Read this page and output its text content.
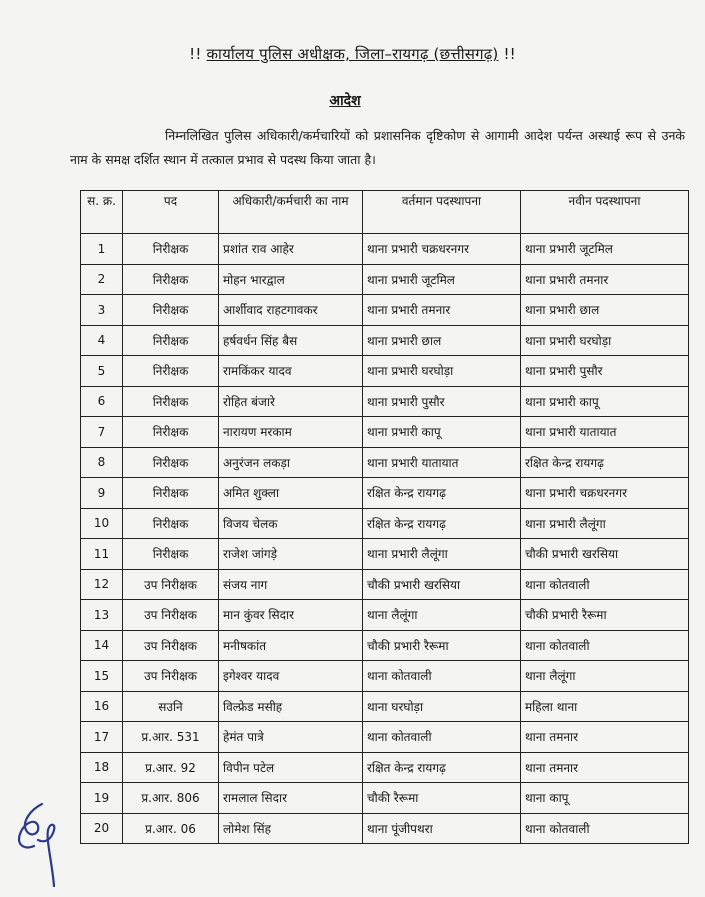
!! कार्यालय पुलिस अधीक्षक, जिला–रायगढ़ (छत्तीसगढ़) !!
आदेश
निम्नलिखित पुलिस अधिकारी/कर्मचारियों को प्रशासनिक दृष्टिकोण से आगामी आदेश पर्यन्त अस्थाई रूप से उनके नाम के समक्ष दर्शित स्थान में तत्काल प्रभाव से पदस्थ किया जाता है।
स. क्र.	पद	अधिकारी/कर्मचारी का नाम	वर्तमान पदस्थापना	नवीन पदस्थापना
1	निरीक्षक	प्रशांत राव आहेर	थाना प्रभारी चक्रधरनगर	थाना प्रभारी जूटमिल
2	निरीक्षक	मोहन भारद्वाल	थाना प्रभारी जूटमिल	थाना प्रभारी तमनार
3	निरीक्षक	आर्शीवाद राहटगावकर	थाना प्रभारी तमनार	थाना प्रभारी छाल
4	निरीक्षक	हर्षवर्धन सिंह बैस	थाना प्रभारी छाल	थाना प्रभारी घरघोड़ा
5	निरीक्षक	रामकिंकर यादव	थाना प्रभारी घरघोड़ा	थाना प्रभारी पुसौर
6	निरीक्षक	रोहित बंजारे	थाना प्रभारी पुसौर	थाना प्रभारी कापू
7	निरीक्षक	नारायण मरकाम	थाना प्रभारी कापू	थाना प्रभारी यातायात
8	निरीक्षक	अनुरंजन लकड़ा	थाना प्रभारी यातायात	रक्षित केन्द्र रायगढ़
9	निरीक्षक	अमित शुक्ला	रक्षित केन्द्र रायगढ़	थाना प्रभारी चक्रधरनगर
10	निरीक्षक	विजय चेलक	रक्षित केन्द्र रायगढ़	थाना प्रभारी लैलूंगा
11	निरीक्षक	राजेश जांगड़े	थाना प्रभारी लैलूंगा	चौकी प्रभारी खरसिया
12	उप निरीक्षक	संजय नाग	चौकी प्रभारी खरसिया	थाना कोतवाली
13	उप निरीक्षक	मान कुंवर सिदार	थाना लैलूंगा	चौकी प्रभारी रैरूमा
14	उप निरीक्षक	मनीषकांत	चौकी प्रभारी रैरूमा	थाना कोतवाली
15	उप निरीक्षक	इगेश्वर यादव	थाना कोतवाली	थाना लैलूंगा
16	सउनि	विल्फ्रेड मसीह	थाना घरघोड़ा	महिला थाना
17	प्र.आर. 531	हेमंत पात्रे	थाना कोतवाली	थाना तमनार
18	प्र.आर. 92	विपीन पटेल	रक्षित केन्द्र रायगढ़	थाना तमनार
19	प्र.आर. 806	रामलाल सिदार	चौकी रैरूमा	थाना कापू
20	प्र.आर. 06	लोमेश सिंह	थाना पूंजीपथरा	थाना कोतवाली
